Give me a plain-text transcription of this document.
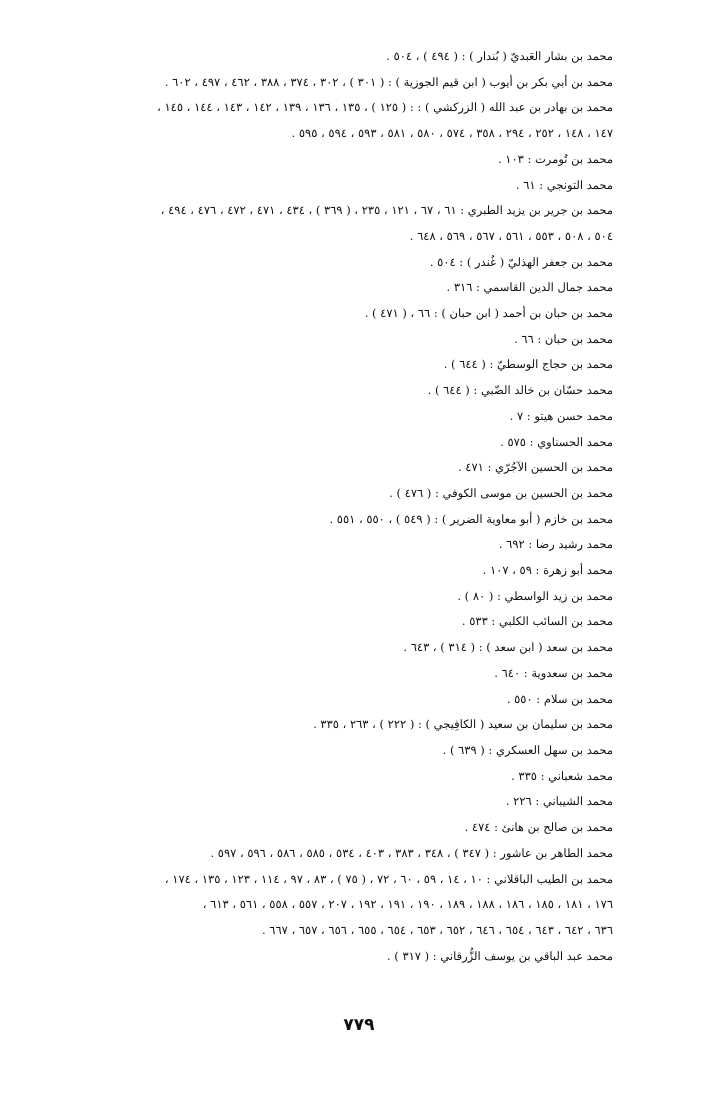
محمد بن بشار العَبديّ ( بُندار ) : ( ٤٩٤ ) ، ٥٠٤ .
محمد بن أبي بكر بن أيوب ( ابن قيم الجوزية ) : ( ٣٠١ ) ، ٣٠٢ ، ٣٧٤ ، ٣٨٨ ، ٤٦٢ ، ٤٩٧ ، ٦٠٢ .
محمد بن بهادر بن عبد الله ( الزركشي ) : : ( ١٢٥ ) ، ١٣٥ ، ١٣٦ ، ١٣٩ ، ١٤٢ ، ١٤٣ ، ١٤٤ ، ١٤٥ ،
١٤٧ ، ١٤٨ ، ٢٥٢ ، ٢٩٤ ، ٣٥٨ ، ٥٧٤ ، ٥٨٠ ، ٥٨١ ، ٥٩٣ ، ٥٩٤ ، ٥٩٥ .
محمد بن تُومرت : ١٠٣ .
محمد التونجي : ٦١ .
محمد بن جرير بن يزيد الطبري : ٦١ ، ٦٧ ، ١٢١ ، ٢٣٥ ، ( ٣٦٩ ) ، ٤٣٤ ، ٤٧١ ، ٤٧٢ ، ٤٧٦ ، ٤٩٤ ،
٥٠٤ ، ٥٠٨ ، ٥٥٣ ، ٥٦١ ، ٥٦٧ ، ٥٦٩ ، ٦٤٨ .
محمد بن جعفر الهذليّ ( غُندر ) : ٥٠٤ .
محمد جمال الدين القاسمي : ٣١٦ .
محمد بن حبان بن أحمد ( ابن حبان ) : ٦٦ ، ( ٤٧١ ) .
محمد بن حبان : ٦٦ .
محمد بن حجاج الوسطيّ : ( ٦٤٤ ) .
محمد حسّان بن خالد الضّبي : ( ٦٤٤ ) .
محمد حسن هيتو : ٧ .
محمد الحسناوي : ٥٧٥ .
محمد بن الحسين الآجُرّي : ٤٧١ .
محمد بن الحسين بن موسى الكوفي : ( ٤٧٦ ) .
محمد بن خازم ( أبو معاوية الضرير ) : ( ٥٤٩ ) ، ٥٥٠ ، ٥٥١ .
محمد رشيد رضا : ٦٩٢ .
محمد أبو زهرة : ٥٩ ، ١٠٧ .
محمد بن زيد الواسطي : ( ٨٠ ) .
محمد بن السائب الكلبي : ٥٣٣ .
محمد بن سعد ( ابن سعد ) : ( ٣١٤ ) ، ٦٤٣ .
محمد بن سعدوية : ٦٤٠ .
محمد بن سلام : ٥٥٠ .
محمد بن سليمان بن سعيد ( الكافِيجي ) : ( ٢٢٢ ) ، ٢٦٣ ، ٣٣٥ .
محمد بن سهل العسكري : ( ٦٣٩ ) .
محمد شعباني : ٣٣٥ .
محمد الشيباني : ٢٢٦ .
محمد بن صالح بن هانئ : ٤٧٤ .
محمد الطاهر بن عاشور : ( ٣٤٧ ) ، ٣٤٨ ، ٣٨٣ ، ٤٠٣ ، ٥٣٤ ، ٥٨٥ ، ٥٨٦ ، ٥٩٦ ، ٥٩٧ .
محمد بن الطيب الباقلاني : ١٠ ، ١٤ ، ٥٩ ، ٦٠ ، ٧٢ ، ( ٧٥ ) ، ٨٣ ، ٩٧ ، ١١٤ ، ١٢٣ ، ١٣٥ ، ١٧٤ ،
١٧٦ ، ١٨١ ، ١٨٥ ، ١٨٦ ، ١٨٨ ، ١٨٩ ، ١٩٠ ، ١٩١ ، ١٩٢ ، ٢٠٧ ، ٥٥٧ ، ٥٥٨ ، ٥٦١ ، ٦١٣ ،
٦٣٦ ، ٦٤٢ ، ٦٤٣ ، ٦٥٤ ، ٦٤٦ ، ٦٥٢ ، ٦٥٣ ، ٦٥٤ ، ٦٥٥ ، ٦٥٦ ، ٦٥٧ ، ٦٦٧ .
محمد عبد الباقي بن يوسف الزُّرقاني : ( ٣١٧ ) .
٧٧٩
